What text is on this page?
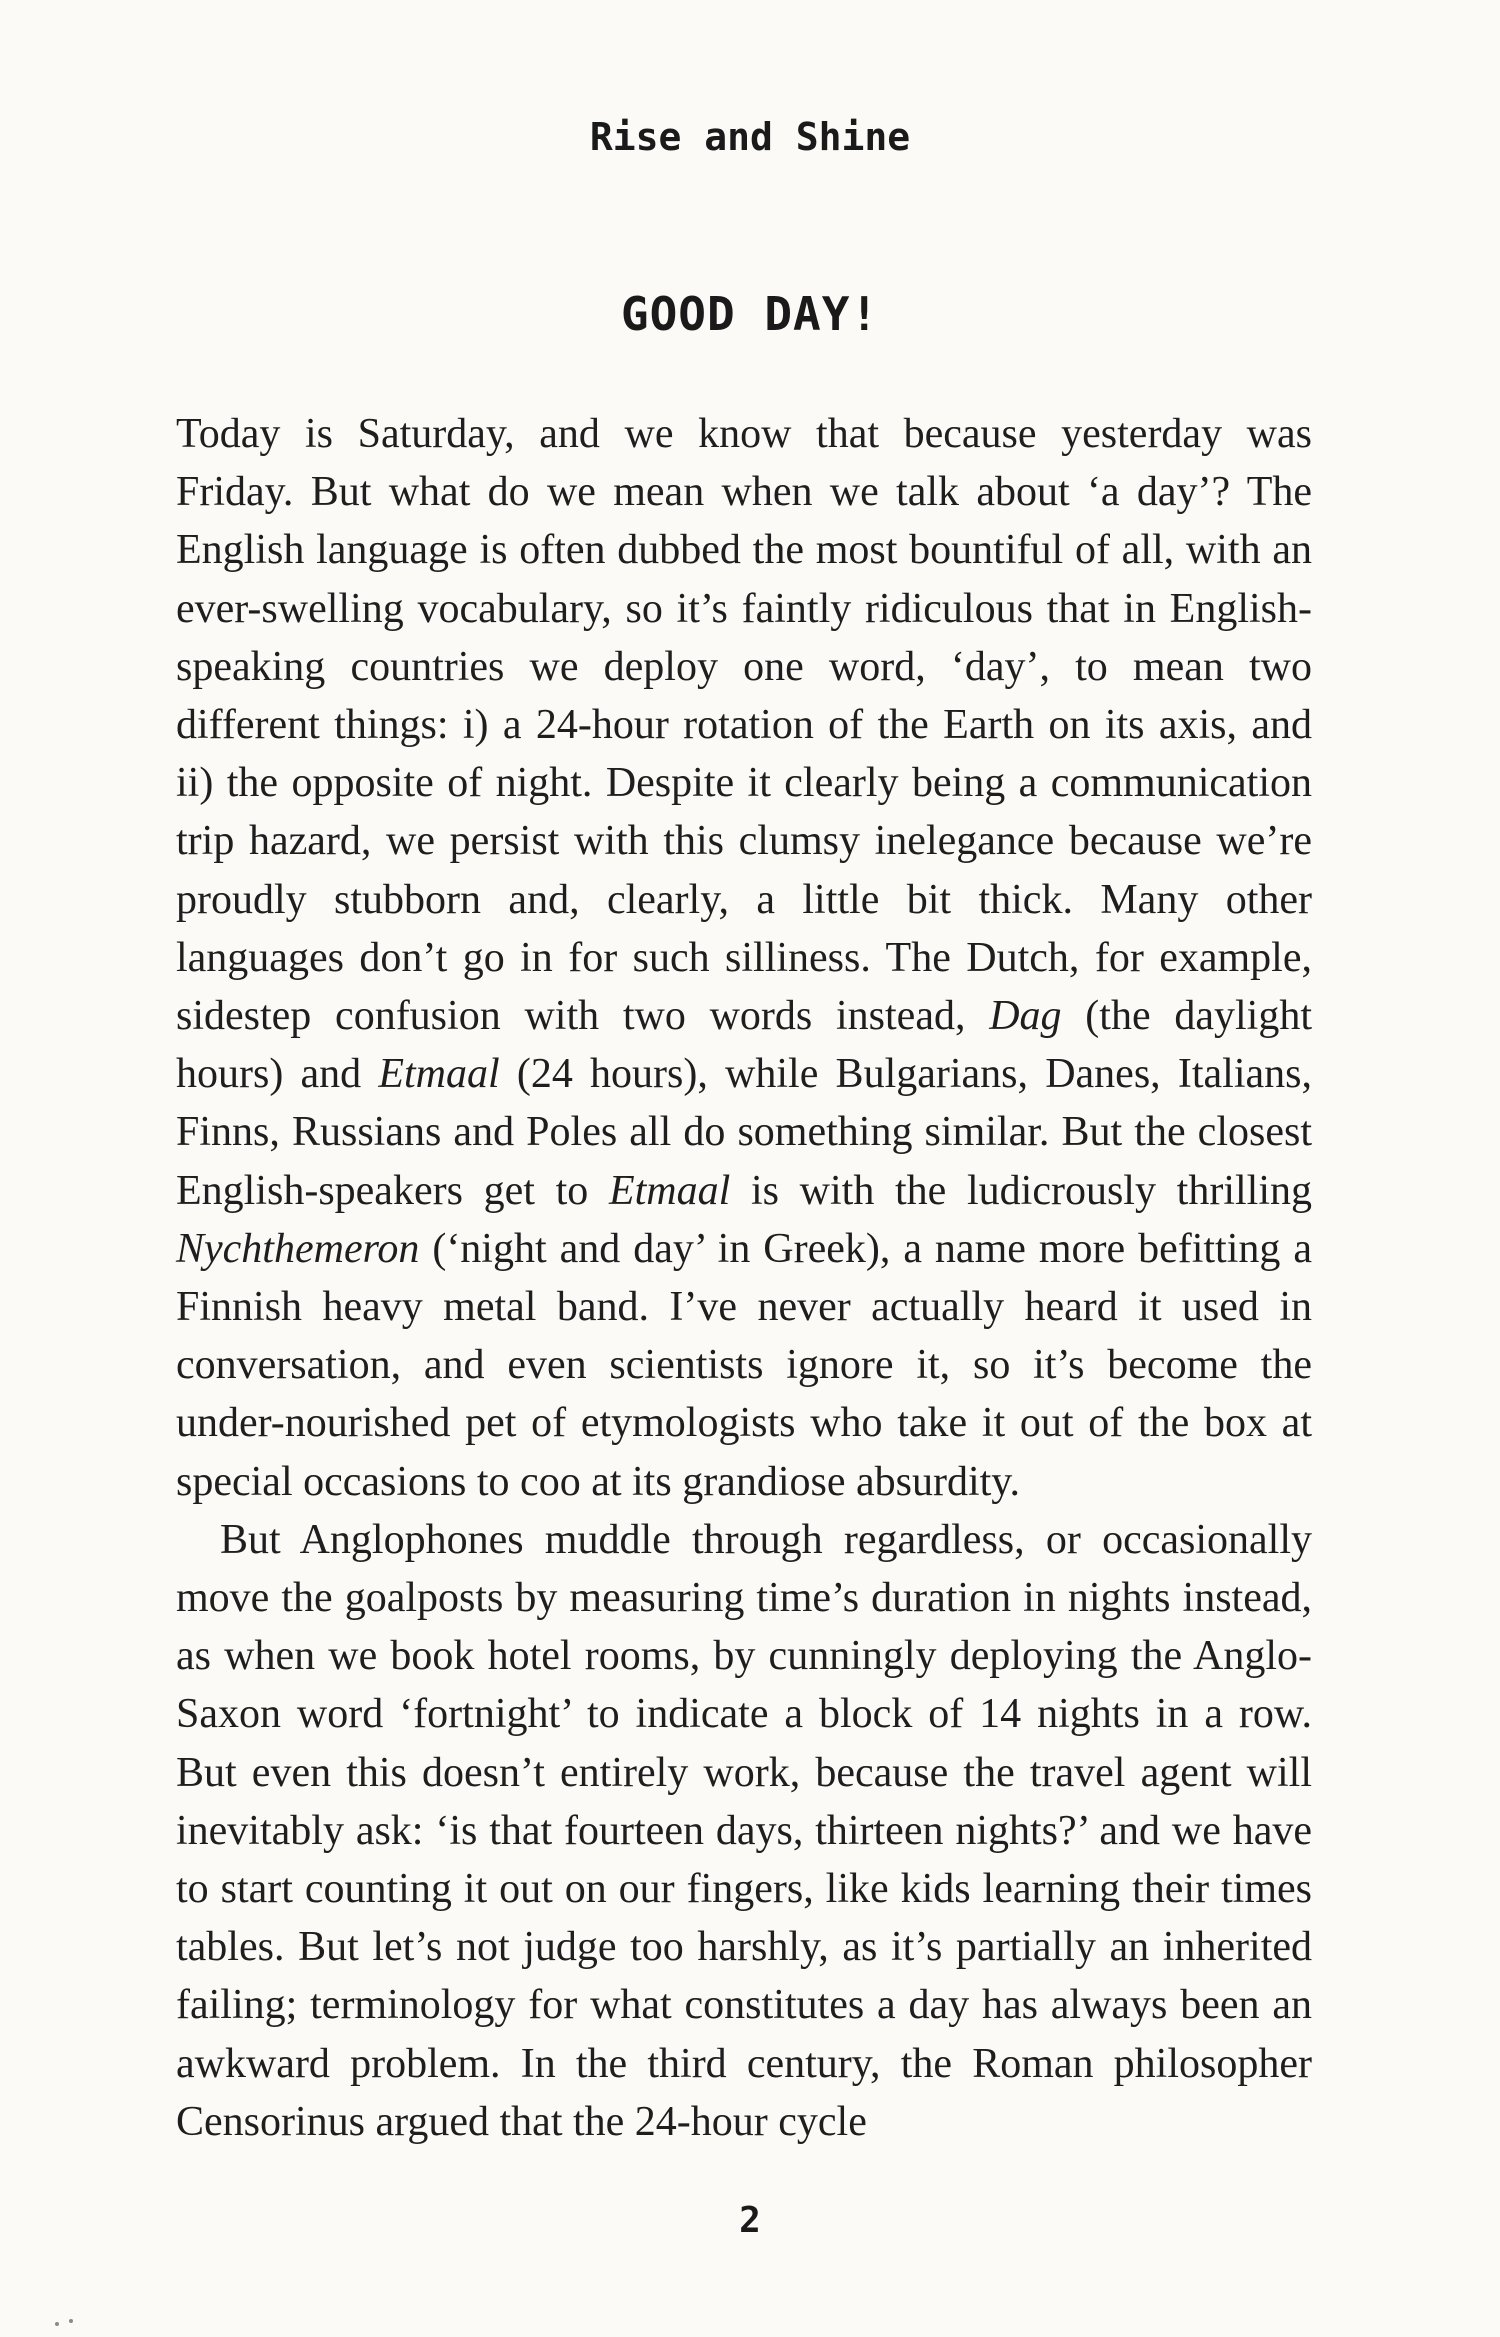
Rise and Shine
GOOD DAY!

Today is Saturday, and we know that because yesterday was Friday. But what do we mean when we talk about ‘a day’? The English language is often dubbed the most bountiful of all, with an ever-swelling vocabulary, so it’s faintly ridiculous that in English-speaking countries we deploy one word, ‘day’, to mean two different things: i) a 24-hour rotation of the Earth on its axis, and ii) the opposite of night. Despite it clearly being a communication trip hazard, we persist with this clumsy inelegance because we’re proudly stubborn and, clearly, a little bit thick. Many other languages don’t go in for such silliness. The Dutch, for example, sidestep confusion with two words instead, Dag (the daylight hours) and Etmaal (24 hours), while Bulgarians, Danes, Italians, Finns, Russians and Poles all do something similar. But the closest English-speakers get to Etmaal is with the ludicrously thrilling Nychthemeron (‘night and day’ in Greek), a name more befitting a Finnish heavy metal band. I’ve never actually heard it used in conversation, and even scientists ignore it, so it’s become the under-nourished pet of etymologists who take it out of the box at special occasions to coo at its grandiose absurdity.

But Anglophones muddle through regardless, or occasionally move the goalposts by measuring time’s duration in nights instead, as when we book hotel rooms, by cunningly deploying the Anglo-Saxon word ‘fortnight’ to indicate a block of 14 nights in a row. But even this doesn’t entirely work, because the travel agent will inevitably ask: ‘is that fourteen days, thirteen nights?’ and we have to start counting it out on our fingers, like kids learning their times tables. But let’s not judge too harshly, as it’s partially an inherited failing; terminology for what constitutes a day has always been an awkward problem. In the third century, the Roman philosopher Censorinus argued that the 24-hour cycle

2
